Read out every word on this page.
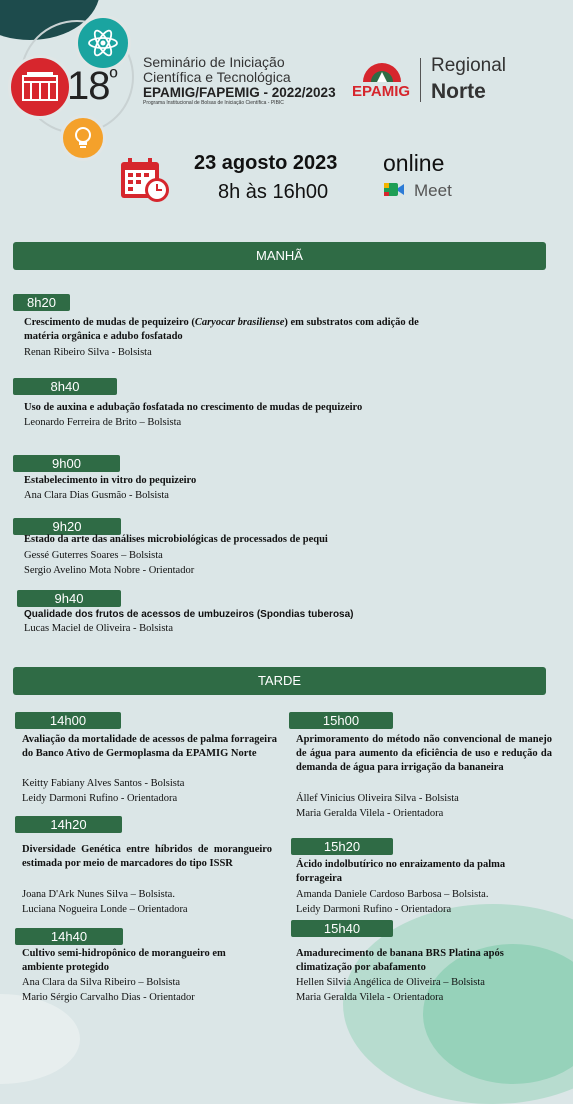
$18^º$
Seminário de Iniciação
Científica e Tecnológica
EPAMIG/FAPEMIG - 2022/2023
Programa Institucional de Bolsas de Iniciação Científica - PIBIC
EPAMIG
Regional
Norte
23 agosto 2023
8h às 16h00
online
Meet
MANHÃ
8h20
Crescimento de mudas de pequizeiro (Caryocar brasiliense) em substratos com adição de matéria orgânica e adubo fosfatado
Renan Ribeiro Silva - Bolsista
8h40
Uso de auxina e adubação fosfatada no crescimento de mudas de pequizeiro
Leonardo Ferreira de Brito – Bolsista
9h00
Estabelecimento in vitro do pequizeiro
Ana Clara Dias Gusmão - Bolsista
9h20
Estado da arte das análises microbiológicas de processados de pequi
Gessé Guterres Soares – Bolsista
Sergio Avelino Mota Nobre - Orientador
9h40
Qualidade dos frutos de acessos de umbuzeiros (Spondias tuberosa)
Lucas Maciel de Oliveira - Bolsista
TARDE
14h00
Avaliação da mortalidade de acessos de palma forrageira do Banco Ativo de Germoplasma da EPAMIG Norte
Keitty Fabiany Alves Santos - Bolsista
Leidy Darmoni Rufino - Orientadora
14h20
Diversidade Genética entre híbridos de morangueiro estimada por meio de marcadores do tipo ISSR
Joana D'Ark Nunes Silva – Bolsista.
Luciana Nogueira Londe – Orientadora
14h40
Cultivo semi-hidropônico de morangueiro em ambiente protegido
Ana Clara da Silva Ribeiro – Bolsista
Mario Sérgio Carvalho Dias - Orientador
15h00
Aprimoramento do método não convencional de manejo de água para aumento da eficiência de uso e redução da demanda de água para irrigação da bananeira
Állef Vinicius Oliveira Silva - Bolsista
Maria Geralda Vilela - Orientadora
15h20
Ácido indolbutírico no enraizamento da palma forrageira
Amanda Daniele Cardoso Barbosa – Bolsista.
Leidy Darmoni Rufino - Orientadora
15h40
Amadurecimento de banana BRS Platina após climatização por abafamento
Hellen Silvia Angélica de Oliveira – Bolsista
Maria Geralda Vilela - Orientadora
